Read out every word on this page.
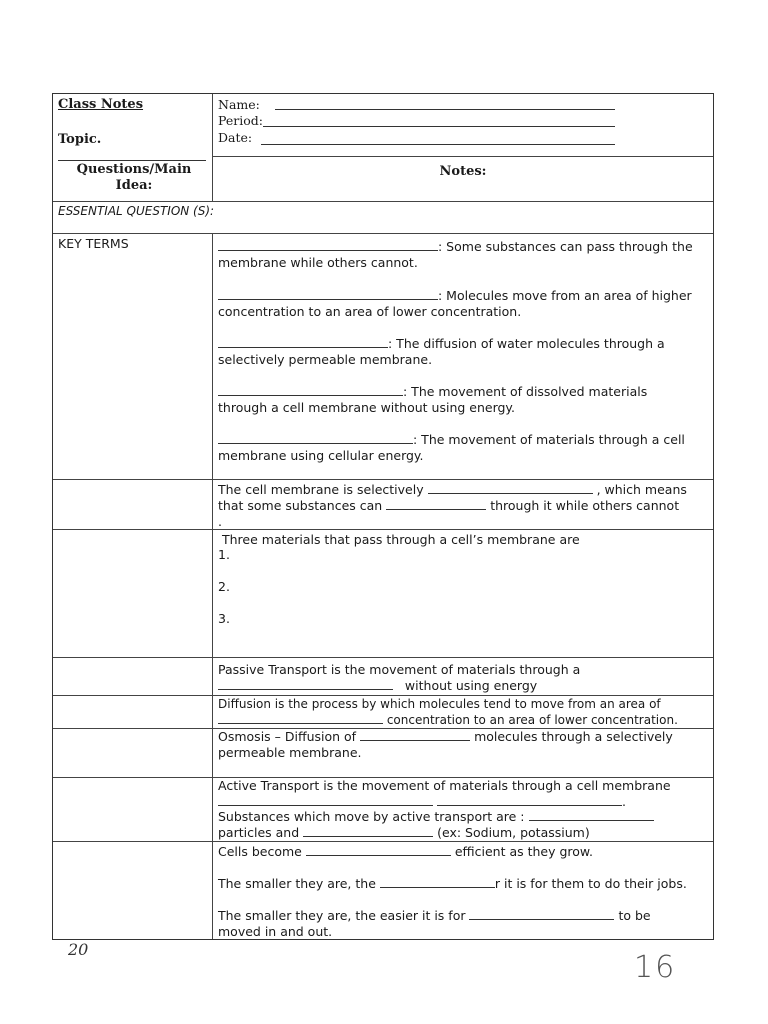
Class Notes
Topic.
Questions/Main Idea:
Name:
Period:
Date:
Notes:
ESSENTIAL QUESTION (S):
KEY TERMS	: Some substances can pass through the
membrane while others cannot.

: Molecules move from an area of higher
concentration to an area of lower concentration.

: The diffusion of water molecules through a
selectively permeable membrane.

: The movement of dissolved materials
through a cell membrane without using energy.

: The movement of materials through a cell
membrane using cellular energy.

The cell membrane is selectively	, which means
that some substances can	through it while others cannot
.

Three materials that pass through a cell’s membrane are
1.
2.
3.

Passive Transport is the movement of materials through a
without using energy

Diffusion is the process by which molecules tend to move from an area of
concentration to an area of lower concentration.

Osmosis – Diffusion of	molecules through a selectively
permeable membrane.

Active Transport is the movement of materials through a cell membrane

.

Substances which move by active transport are :
particles and	(ex: Sodium, potassium)

Cells become	efficient as they grow.

The smaller they are, the	r it is for them to do their jobs.

The smaller they are, the easier it is for	to be
moved in and out.

20
16
